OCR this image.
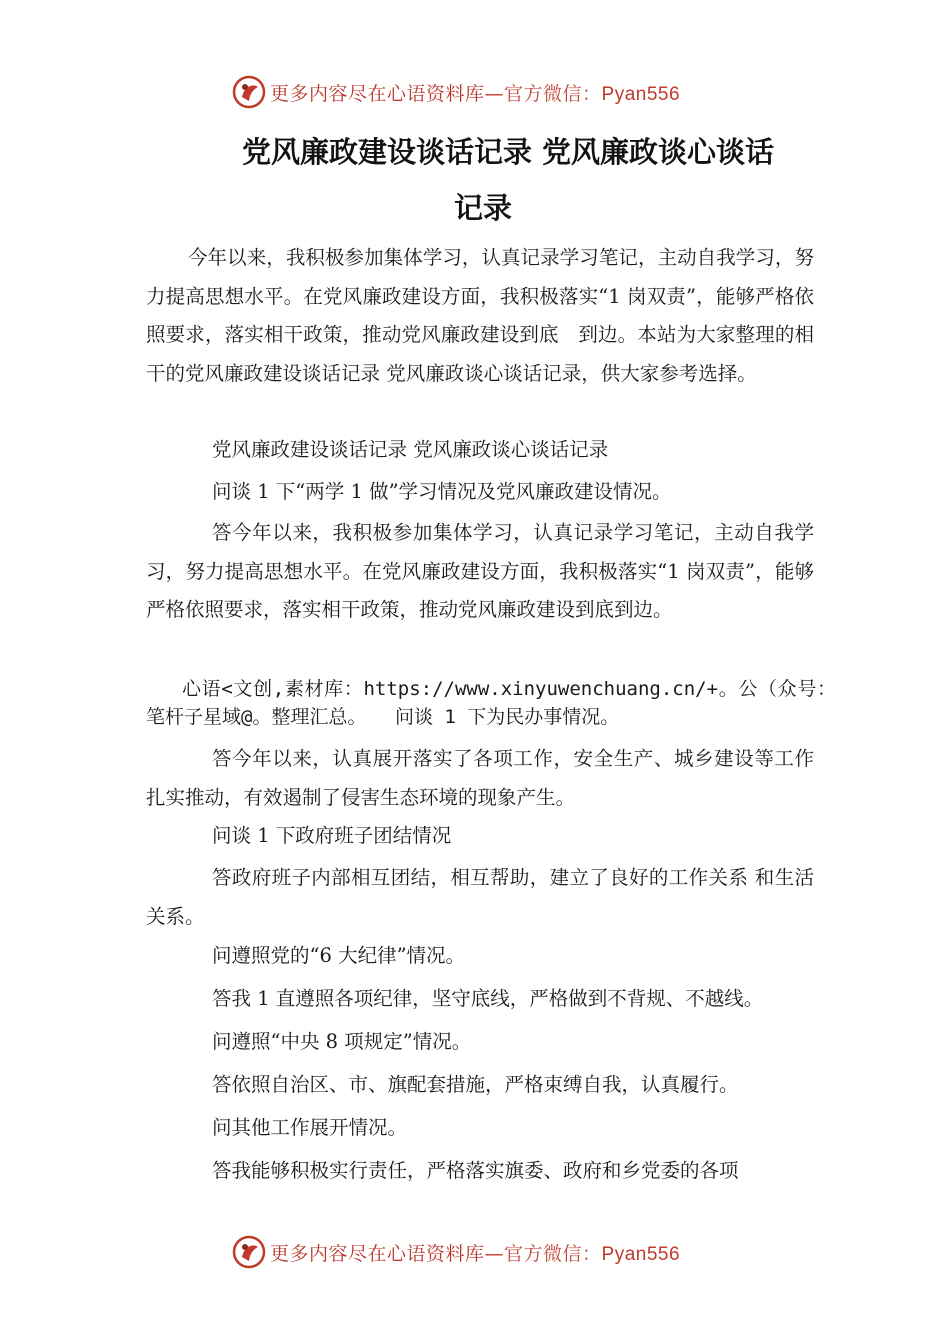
更多内容尽在心语资料库—官方微信：Pyan556
党风廉政建设谈话记录 党风廉政谈心谈话
记录

今年以来，我积极参加集体学习，认真记录学习笔记，主动自我学习，努力提高思想水平。在党风廉政建设方面，我积极落实“1 岗双责”，能够严格依照要求，落实相干政策，推动党风廉政建设到底　到边。本站为大家整理的相干的党风廉政建设谈话记录 党风廉政谈心谈话记录，供大家参考选择。

党风廉政建设谈话记录 党风廉政谈心谈话记录

问谈 1 下“两学 1 做”学习情况及党风廉政建设情况。

答今年以来，我积极参加集体学习，认真记录学习笔记，主动自我学习，努力提高思想水平。在党风廉政建设方面，我积极落实“1 岗双责”，能够严格依照要求，落实相干政策，推动党风廉政建设到底到边。

心语<文创,素材库：https://www.xinyuwenchuang.cn/+。公（众号：笔杆子星域@。整理汇总。　　问谈 1 下为民办事情况。

答今年以来，认真展开落实了各项工作，安全生产、城乡建设等工作扎实推动，有效遏制了侵害生态环境的现象产生。

问谈 1 下政府班子团结情况

答政府班子内部相互团结，相互帮助，建立了良好的工作关系 和生活关系。

问遵照党的“6 大纪律”情况。

答我 1 直遵照各项纪律，坚守底线，严格做到不背规、不越线。

问遵照“中央 8 项规定”情况。

答依照自治区、市、旗配套措施，严格束缚自我，认真履行。

问其他工作展开情况。

答我能够积极实行责任，严格落实旗委、政府和乡党委的各项

更多内容尽在心语资料库—官方微信：Pyan556
